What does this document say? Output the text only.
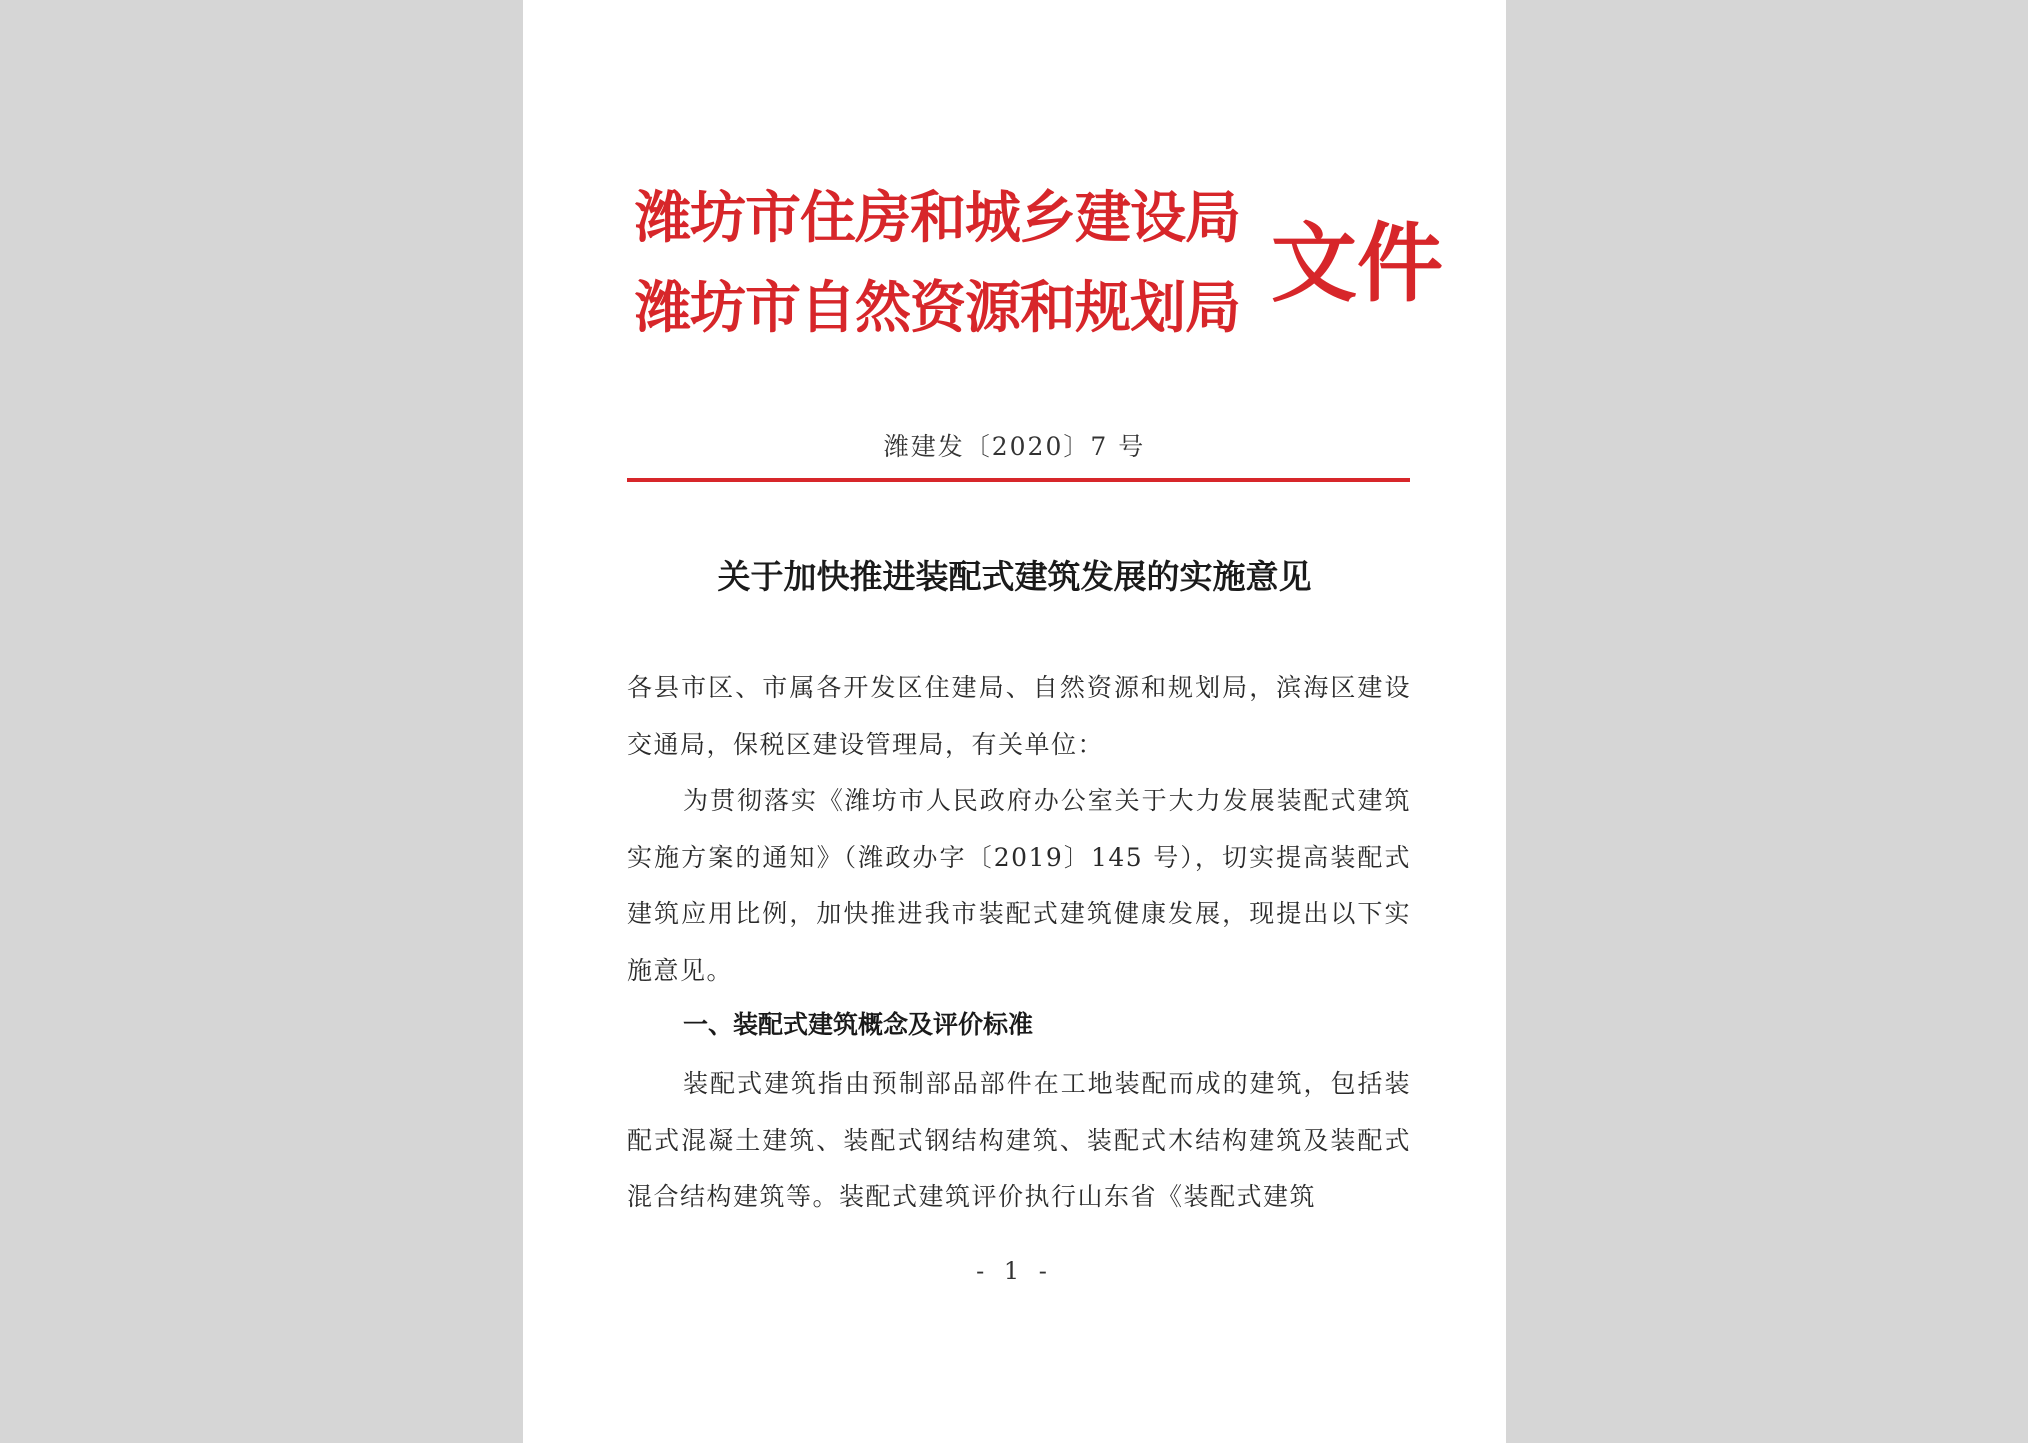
潍坊市住房和城乡建设局
潍坊市自然资源和规划局 文件
潍建发〔2020〕7 号
关于加快推进装配式建筑发展的实施意见
各县市区、市属各开发区住建局、自然资源和规划局，滨海区建设交通局，保税区建设管理局，有关单位：
为贯彻落实《潍坊市人民政府办公室关于大力发展装配式建筑实施方案的通知》（潍政办字〔2019〕145 号），切实提高装配式建筑应用比例，加快推进我市装配式建筑健康发展，现提出以下实施意见。
一、装配式建筑概念及评价标准
装配式建筑指由预制部品部件在工地装配而成的建筑，包括装配式混凝土建筑、装配式钢结构建筑、装配式木结构建筑及装配式混合结构建筑等。装配式建筑评价执行山东省《装配式建筑
- 1 -
